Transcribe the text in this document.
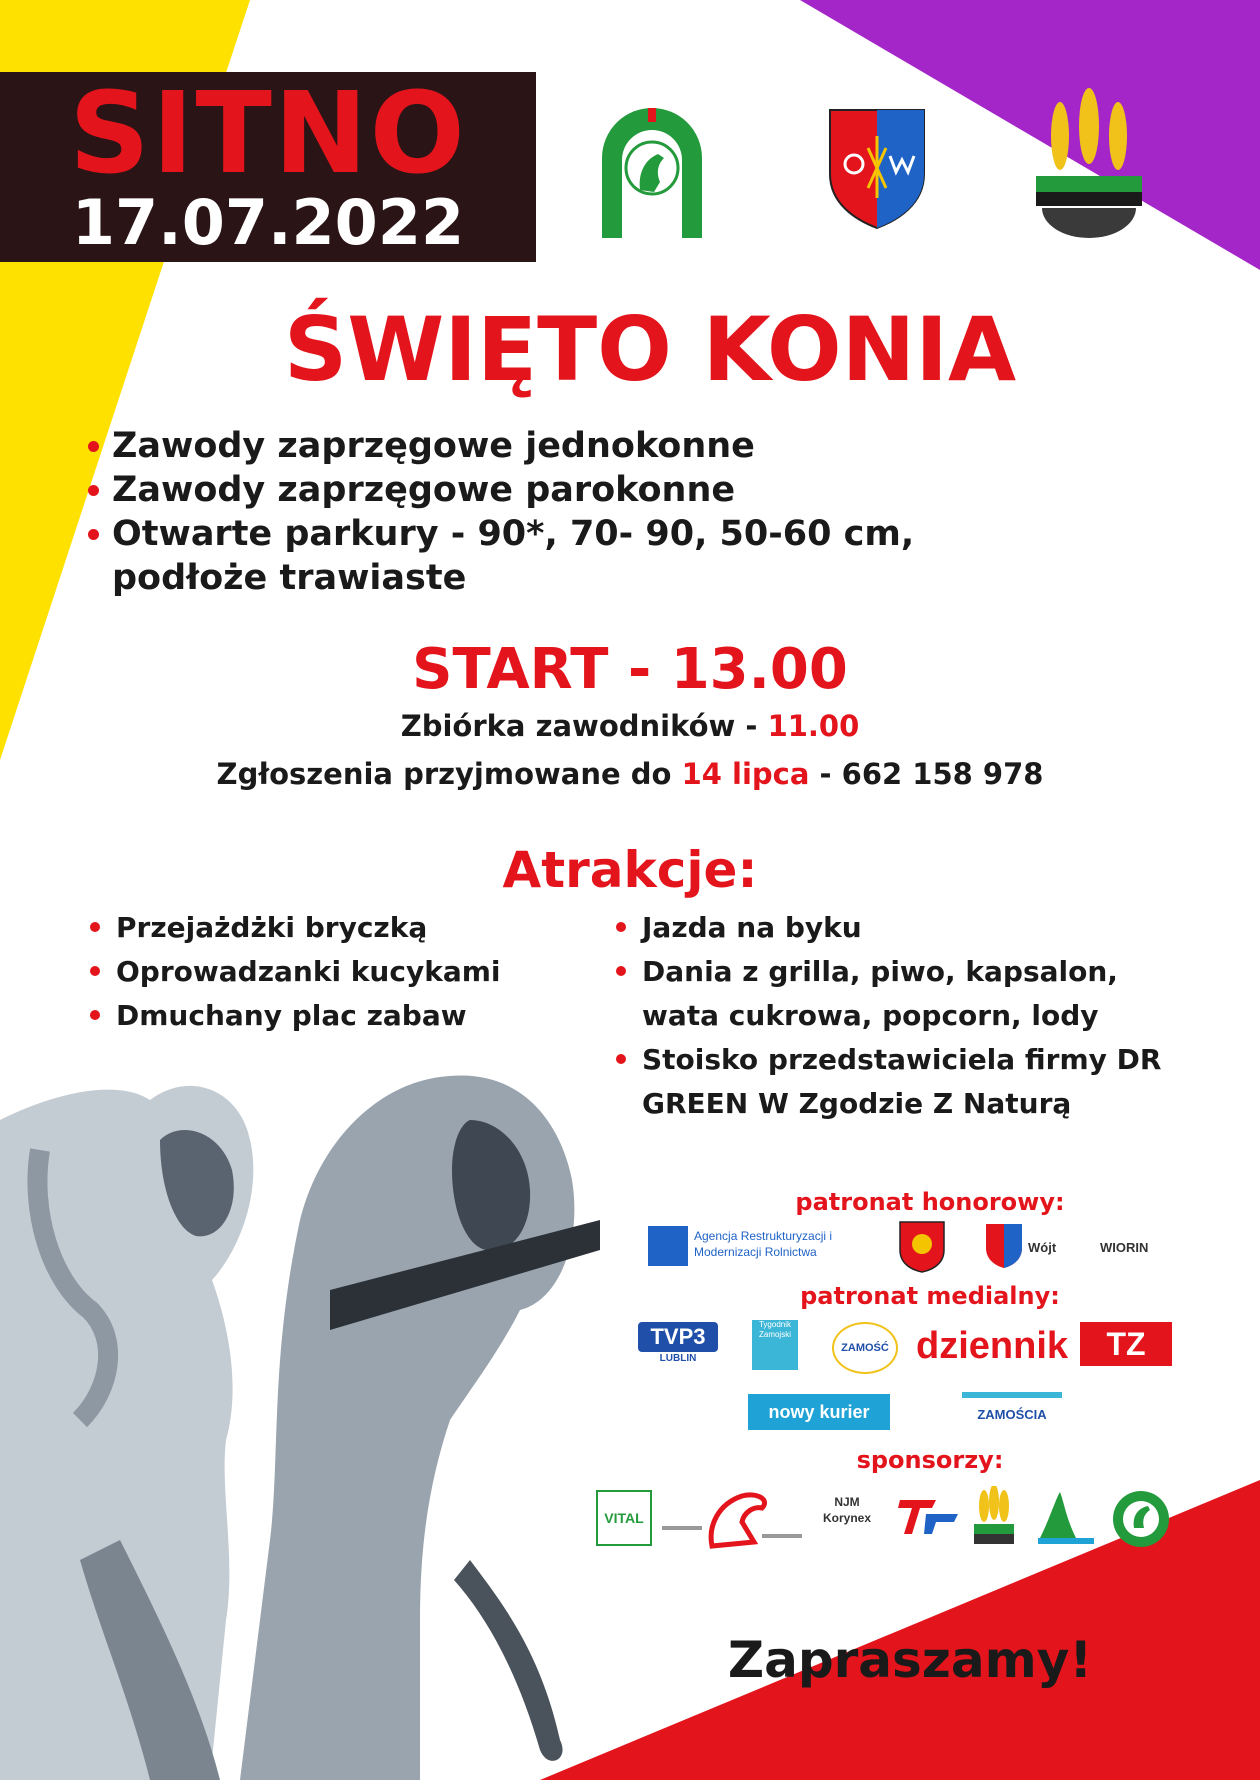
SITNO
17.07.2022
ŚWIĘTO KONIA
Zawody zaprzęgowe jednokonne
Zawody zaprzęgowe parokonne
Otwarte parkury - 90*, 70- 90, 50-60 cm, podłoże trawiaste
START - 13.00
Zbiórka zawodników - 11.00
Zgłoszenia przyjmowane do 14 lipca - 662 158 978
Atrakcje:
Przejażdżki bryczką
Oprowadzanki kucykami
Dmuchany plac zabaw
Jazda na byku
Dania z grilla, piwo, kapsalon, wata cukrowa, popcorn, lody
Stoisko przedstawiciela firmy DR GREEN W Zgodzie Z Naturą
patronat honorowy:
Agencja Restrukturyzacji i Modernizacji Rolnictwa	Wójt	WIORIN
patronat medialny:
TVP3
LUBLIN
Tygodnik Zamojski
ZAMOŚĆ dziennik	TZ
nowy kurier	ZAMOŚCIA
sponsorzy:
VITAL
NJM Korynex
Zapraszamy!
